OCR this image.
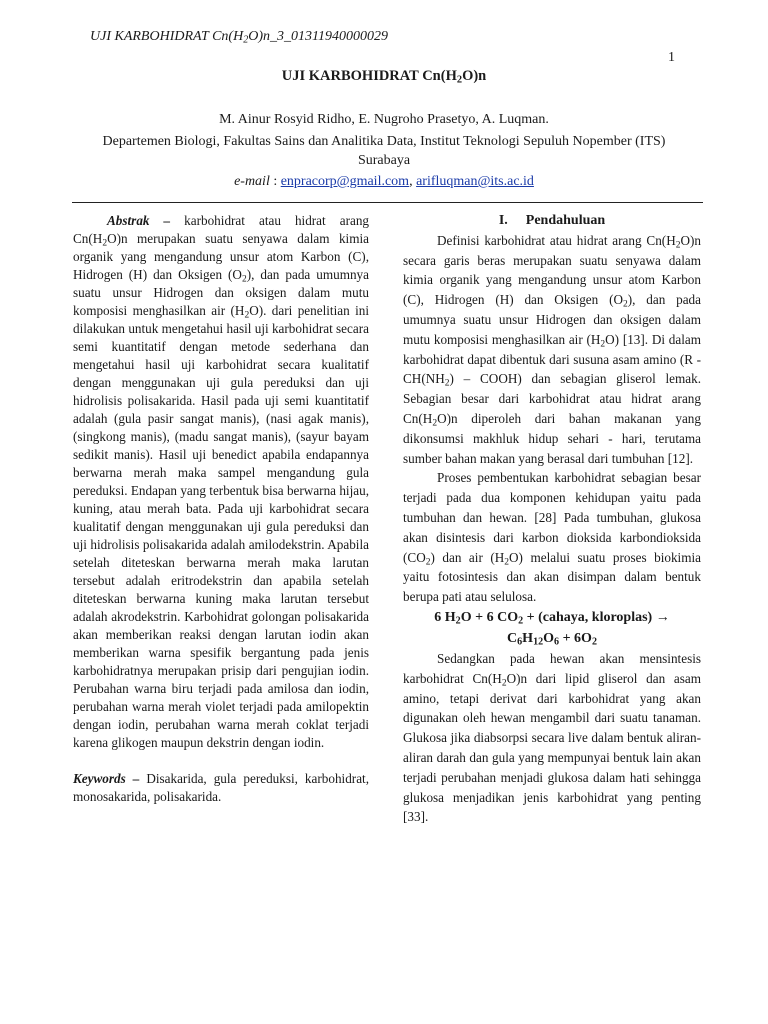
UJI KARBOHIDRAT $Cn(H_2O)n\_3\_01311940000029$
1
UJI KARBOHIDRAT $Cn(H_2O)n$
M. Ainur Rosyid Ridho, E. Nugroho Prasetyo, A. Luqman.
Departemen Biologi, Fakultas Sains dan Analitika Data, Institut Teknologi Sepuluh Nopember (ITS) Surabaya
e-mail : enpracorp@gmail.com, arifluqman@its.ac.id

Abstrak – karbohidrat atau hidrat arang $Cn(H_2O)n$ merupakan suatu senyawa dalam kimia organik yang mengandung unsur atom Karbon (C), Hidrogen (H) dan Oksigen $(O_2)$, dan pada umumnya suatu unsur Hidrogen dan oksigen dalam mutu komposisi menghasilkan air $(H_2O)$. dari penelitian ini dilakukan untuk mengetahui hasil uji karbohidrat secara semi kuantitatif dengan metode sederhana dan mengetahui hasil uji karbohidrat secara kualitatif dengan menggunakan uji gula pereduksi dan uji hidrolisis polisakarida. Hasil pada uji semi kuantitatif adalah (gula pasir sangat manis), (nasi agak manis), (singkong manis), (madu sangat manis), (sayur bayam sedikit manis). Hasil uji benedict apabila endapannya berwarna merah maka sampel mengandung gula pereduksi. Endapan yang terbentuk bisa berwarna hijau, kuning, atau merah bata. Pada uji karbohidrat secara kualitatif dengan menggunakan uji gula pereduksi dan uji hidrolisis polisakarida adalah amilodekstrin. Apabila setelah diteteskan berwarna merah maka larutan tersebut adalah eritrodekstrin dan apabila setelah diteteskan berwarna kuning maka larutan tersebut adalah akrodekstrin. Karbohidrat golongan polisakarida akan memberikan reaksi dengan larutan iodin akan memberikan warna spesifik bergantung pada jenis karbohidratnya merupakan prisip dari pengujian iodin. Perubahan warna biru terjadi pada amilosa dan iodin, perubahan warna merah violet terjadi pada amilopektin dengan iodin, perubahan warna merah coklat terjadi karena glikogen maupun dekstrin dengan iodin.

Keywords – Disakarida, gula pereduksi, karbohidrat, monosakarida, polisakarida.

I. Pendahuluan

Definisi karbohidrat atau hidrat arang $Cn(H_2O)n$ secara garis beras merupakan suatu senyawa dalam kimia organik yang mengandung unsur atom Karbon (C), Hidrogen (H) dan Oksigen $(O_2)$, dan pada umumnya suatu unsur Hidrogen dan oksigen dalam mutu komposisi menghasilkan air $(H_2O)$ [13]. Di dalam karbohidrat dapat dibentuk dari susuna asam amino ($R - CH(NH_2)$ – COOH) dan sebagian gliserol lemak. Sebagian besar dari karbohidrat atau hidrat arang $Cn(H_2O)n$ diperoleh dari bahan makanan yang dikonsumsi makhluk hidup sehari - hari, terutama sumber bahan makan yang berasal dari tumbuhan [12].

Proses pembentukan karbohidrat sebagian besar terjadi pada dua komponen kehidupan yaitu pada tumbuhan dan hewan. [28] Pada tumbuhan, glukosa akan disintesis dari karbon dioksida karbondioksida $(CO_2)$ dan air $(H_2O)$ melalui suatu proses biokimia yaitu fotosintesis dan akan disimpan dalam bentuk berupa pati atau selulosa.

6 $H_2O + 6$ $CO_2$ + (cahaya, kloroplas) →

$C_6H_{12}O_6 + 6O_2$

Sedangkan pada hewan akan mensintesis karbohidrat $Cn(H_2O)n$ dari lipid gliserol dan asam amino, tetapi derivat dari karbohidrat yang akan digunakan oleh hewan mengambil dari suatu tanaman. Glukosa jika diabsorpsi secara live dalam bentuk aliran-aliran darah dan gula yang mempunyai bentuk lain akan terjadi perubahan menjadi glukosa dalam hati sehingga glukosa menjadikan jenis karbohidrat yang penting [33].
